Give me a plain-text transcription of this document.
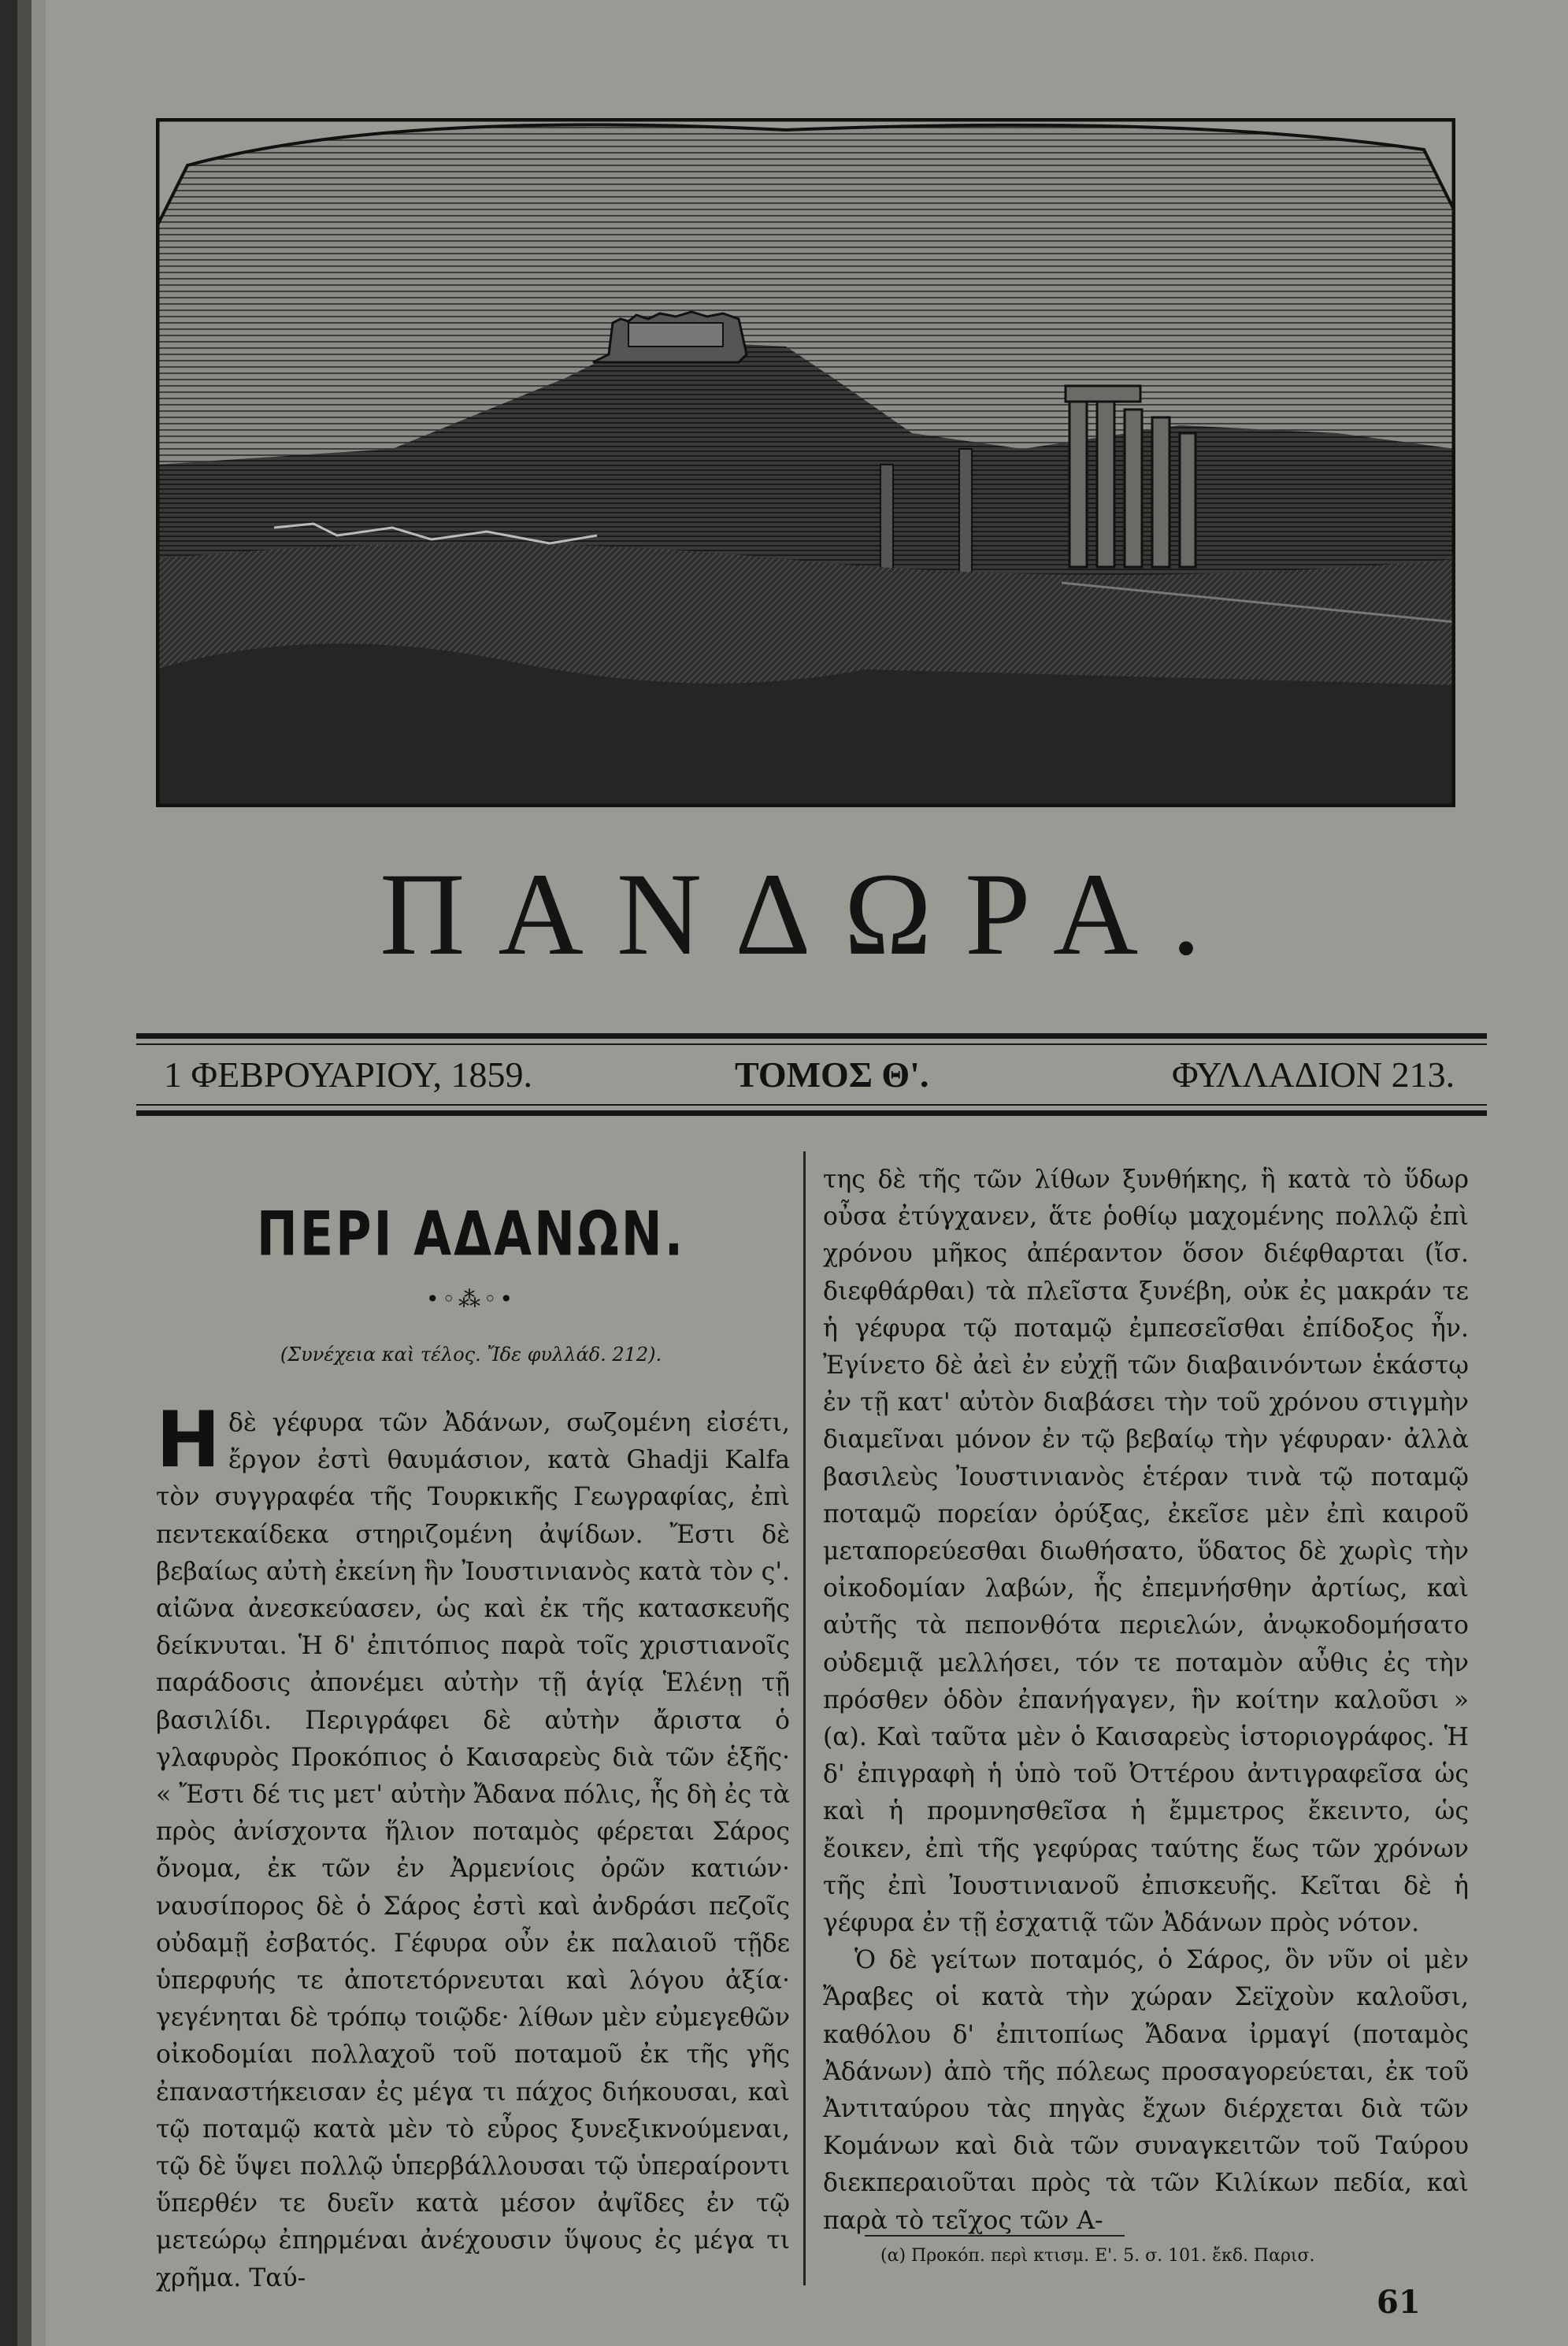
ΠΑΝΔΩΡΑ.
1 ΦΕΒΡΟΥΑΡΙΟΥ, 1859.	ΤΟΜΟΣ Θ'.	ΦΥΛΛΑΔΙΟΝ 213.
ΠΕΡΙ ΑΔΑΝΩΝ.
•◦⁂◦•
(Συνέχεια καὶ τέλος. Ἴδε φυλλάδ. 212).

Ηδὲ γέφυρα τῶν Ἀδάνων, σωζομένη εἰσέτι, ἔργον ἐστὶ θαυμάσιον, κατὰ Ghadji Kalfa τὸν συγγραφέα τῆς Τουρκικῆς Γεωγραφίας, ἐπὶ πεντεκαίδεκα στηριζομένη ἀψίδων. Ἔστι δὲ βεβαίως αὐτὴ ἐκείνη ἣν Ἰουστινιανὸς κατὰ τὸν ς'. αἰῶνα ἀνεσκεύασεν, ὡς καὶ ἐκ τῆς κατασκευῆς δείκνυται. Ἡ δ' ἐπιτόπιος παρὰ τοῖς χριστιανοῖς παράδοσις ἀπονέμει αὐτὴν τῇ ἁγίᾳ Ἑλένῃ τῇ βασιλίδι. Περιγράφει δὲ αὐτὴν ἄριστα ὁ γλαφυρὸς Προκόπιος ὁ Καισαρεὺς διὰ τῶν ἑξῆς· « Ἔστι δέ τις μετ' αὐτὴν Ἄδανα πόλις, ἧς δὴ ἐς τὰ πρὸς ἀνίσχοντα ἥλιον ποταμὸς φέρεται Σάρος ὄνομα, ἐκ τῶν ἐν Ἀρμενίοις ὀρῶν κατιών· ναυσίπορος δὲ ὁ Σάρος ἐστὶ καὶ ἀνδράσι πεζοῖς οὐδαμῇ ἐσβατός. Γέφυρα οὖν ἐκ παλαιοῦ τῇδε ὑπερφυής τε ἀποτετόρνευται καὶ λόγου ἀξία· γεγένηται δὲ τρόπῳ τοιῷδε· λίθων μὲν εὐμεγεθῶν οἰκοδομίαι πολλαχοῦ τοῦ ποταμοῦ ἐκ τῆς γῆς ἐπαναστήκεισαν ἐς μέγα τι πάχος διήκουσαι, καὶ τῷ ποταμῷ κατὰ μὲν τὸ εὖρος ξυνεξικνούμεναι, τῷ δὲ ὕψει πολλῷ ὑπερβάλλουσαι τῷ ὑπεραίροντι ὕπερθέν τε δυεῖν κατὰ μέσον ἀψῖδες ἐν τῷ μετεώρῳ ἐπηρμέναι ἀνέχουσιν ὕψους ἐς μέγα τι χρῆμα. Ταύ-

της δὲ τῆς τῶν λίθων ξυνθήκης, ἣ κατὰ τὸ ὕδωρ οὖσα ἐτύγχανεν, ἅτε ῥοθίῳ μαχομένης πολλῷ ἐπὶ χρόνου μῆκος ἀπέραντον ὅσον διέφθαρται (ἴσ. διεφθάρθαι) τὰ πλεῖστα ξυνέβη, οὐκ ἐς μακράν τε ἡ γέφυρα τῷ ποταμῷ ἐμπεσεῖσθαι ἐπίδοξος ἦν. Ἐγίνετο δὲ ἀεὶ ἐν εὐχῇ τῶν διαβαινόντων ἑκάστῳ ἐν τῇ κατ' αὐτὸν διαβάσει τὴν τοῦ χρόνου στιγμὴν διαμεῖναι μόνον ἐν τῷ βεβαίῳ τὴν γέφυραν· ἀλλὰ βασιλεὺς Ἰουστινιανὸς ἑτέραν τινὰ τῷ ποταμῷ ποταμῷ πορείαν ὀρύξας, ἐκεῖσε μὲν ἐπὶ καιροῦ μεταπορεύεσθαι διωθήσατο, ὕδατος δὲ χωρὶς τὴν οἰκοδομίαν λαβών, ἧς ἐπεμνήσθην ἀρτίως, καὶ αὐτῆς τὰ πεπονθότα περιελών, ἀνῳκοδομήσατο οὐδεμιᾷ μελλήσει, τόν τε ποταμὸν αὖθις ἐς τὴν πρόσθεν ὁδὸν ἐπανήγαγεν, ἣν κοίτην καλοῦσι » (α). Καὶ ταῦτα μὲν ὁ Καισαρεὺς ἱστοριογράφος. Ἡ δ' ἐπιγραφὴ ἡ ὑπὸ τοῦ Ὀττέρου ἀντιγραφεῖσα ὡς καὶ ἡ προμνησθεῖσα ἡ ἔμμετρος ἔκειντο, ὡς ἔοικεν, ἐπὶ τῆς γεφύρας ταύτης ἕως τῶν χρόνων τῆς ἐπὶ Ἰουστινιανοῦ ἐπισκευῆς. Κεῖται δὲ ἡ γέφυρα ἐν τῇ ἐσχατιᾷ τῶν Ἀδάνων πρὸς νότον.

Ὁ δὲ γείτων ποταμός, ὁ Σάρος, ὃν νῦν οἱ μὲν Ἄραβες οἱ κατὰ τὴν χώραν Σεϊχοὺν καλοῦσι, καθόλου δ' ἐπιτοπίως Ἄδανα ἰρμαγί (ποταμὸς Ἀδάνων) ἀπὸ τῆς πόλεως προσαγορεύεται, ἐκ τοῦ Ἀντιταύρου τὰς πηγὰς ἔχων διέρχεται διὰ τῶν Κομάνων καὶ διὰ τῶν συναγκειτῶν τοῦ Ταύρου διεκπεραιοῦται πρὸς τὰ τῶν Κιλίκων πεδία, καὶ παρὰ τὸ τεῖχος τῶν Α-

(α) Προκόπ. περὶ κτισμ. Ε'. 5. σ. 101. ἔκδ. Παρισ.
61
